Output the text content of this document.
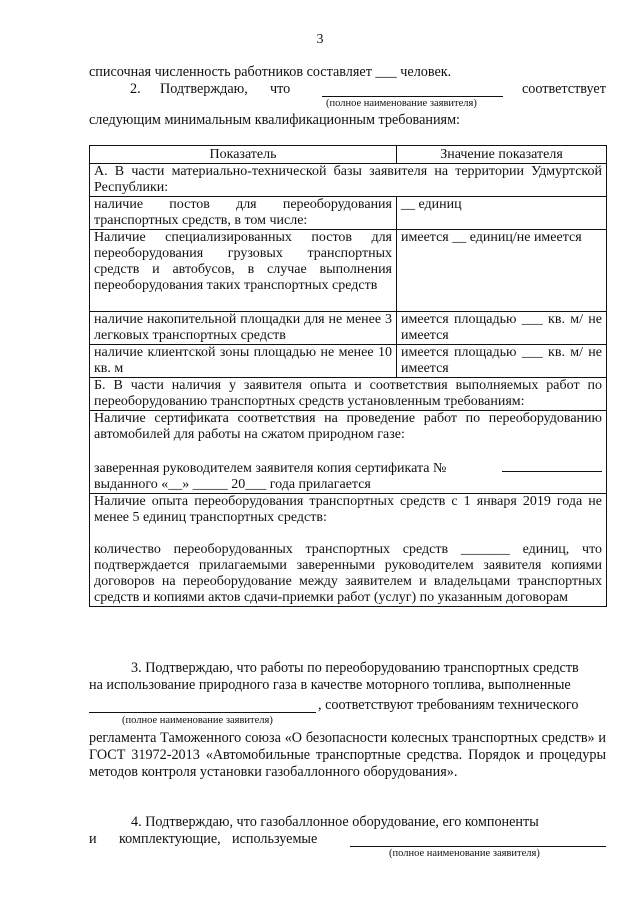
3
списочная численность работников составляет ___ человек.
2. Подтверждаю, что	соответствует
(полное наименование заявителя)
следующим минимальным квалификационным требованиям:
Показатель	Значение показателя
А. В части материально-технической базы заявителя на территории Удмуртской Республики:	
наличие постов для переоборудования транспортных средств, в том числе:	__ единиц
Наличие специализированных постов для переоборудования грузовых транспортных средств и автобусов, в случае выполнения переоборудования таких транспортных средств	имеется __ единиц/не имеется
наличие накопительной площадки для не менее 3 легковых транспортных средств	имеется площадью ___ кв. м/ не имеется
наличие клиентской зоны площадью не менее 10 кв. м	имеется площадью ___ кв. м/ не имеется
Б. В части наличия у заявителя опыта и соответствия выполняемых работ по переоборудованию транспортных средств установленным требованиям:	

Наличие сертификата соответствия на проведение работ по переоборудованию автомобилей для работы на сжатом природном газе:
заверенная руководителем заявителя копия сертификата №
выданного «__» _____ 20___ года прилагается	

Наличие опыта переоборудования транспортных средств с 1 января 2019 года не менее 5 единиц транспортных средств:
количество переоборудованных транспортных средств _______ единиц, что подтверждается прилагаемыми заверенными руководителем заявителя копиями договоров на переоборудование между заявителем и владельцами транспортных средств и копиями актов сдачи-приемки работ (услуг) по указанным договорам	
3. Подтверждаю, что работы по переоборудованию транспортных средств
на использование природного газа в качестве моторного топлива, выполненные
, соответствуют требованиям технического
(полное наименование заявителя)
регламента Таможенного союза «О безопасности колесных транспортных средств» и ГОСТ 31972-2013 «Автомобильные транспортные средства. Порядок и процедуры методов контроля установки газобаллонного оборудования».
4. Подтверждаю, что газобаллонное оборудование, его компоненты
и комплектующие, используемые
(полное наименование заявителя)
